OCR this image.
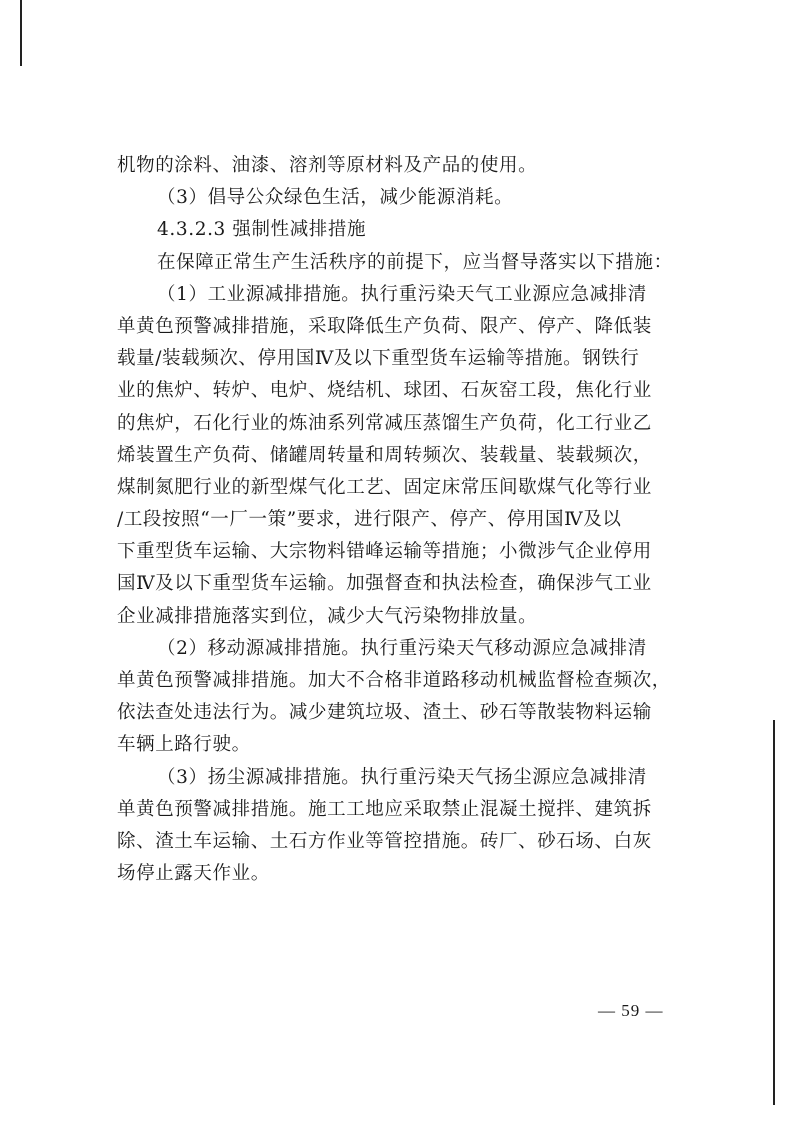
机物的涂料、油漆、溶剂等原材料及产品的使用。
（3）倡导公众绿色生活，减少能源消耗。
4.3.2.3 强制性减排措施
在保障正常生产生活秩序的前提下，应当督导落实以下措施：
（1）工业源减排措施。执行重污染天气工业源应急减排清
单黄色预警减排措施，采取降低生产负荷、限产、停产、降低装
载量/装载频次、停用国Ⅳ及以下重型货车运输等措施。钢铁行
业的焦炉、转炉、电炉、烧结机、球团、石灰窑工段，焦化行业
的焦炉，石化行业的炼油系列常减压蒸馏生产负荷，化工行业乙
烯装置生产负荷、储罐周转量和周转频次、装载量、装载频次，
煤制氮肥行业的新型煤气化工艺、固定床常压间歇煤气化等行业
/工段按照“一厂一策”要求，进行限产、停产、停用国Ⅳ及以
下重型货车运输、大宗物料错峰运输等措施；小微涉气企业停用
国Ⅳ及以下重型货车运输。加强督查和执法检查，确保涉气工业
企业减排措施落实到位，减少大气污染物排放量。
（2）移动源减排措施。执行重污染天气移动源应急减排清
单黄色预警减排措施。加大不合格非道路移动机械监督检查频次，
依法查处违法行为。减少建筑垃圾、渣土、砂石等散装物料运输
车辆上路行驶。
（3）扬尘源减排措施。执行重污染天气扬尘源应急减排清
单黄色预警减排措施。施工工地应采取禁止混凝土搅拌、建筑拆
除、渣土车运输、土石方作业等管控措施。砖厂、砂石场、白灰
场停止露天作业。
— 59 —
